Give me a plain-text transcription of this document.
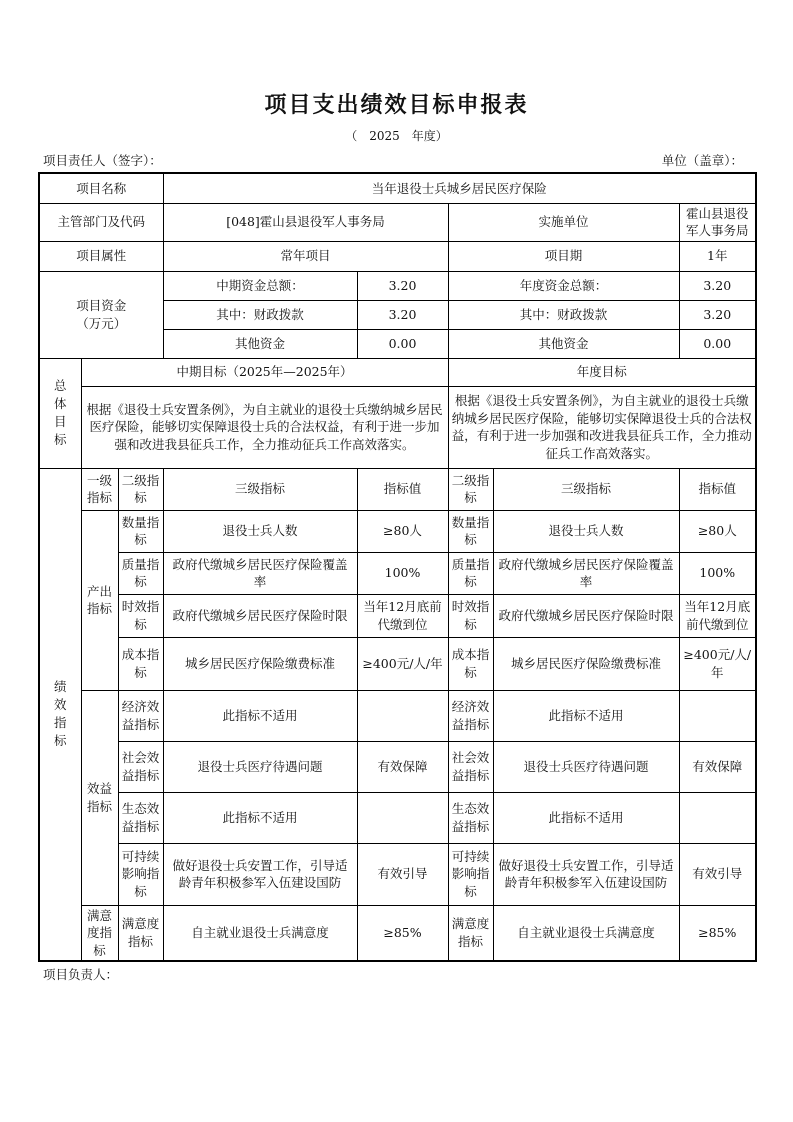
项目支出绩效目标申报表
（　2025　年度）
项目责任人（签字）：	单位（盖章）：
项目名称			当年退役士兵城乡居民医疗保险				
主管部门及代码			[048]霍山县退役军人事务局		实施单位		霍山县退役军人事务局
项目属性			常年项目		项目期		1年
项目资金
（万元）			中期资金总额：	3.20	年度资金总额：		3.20
			其中：财政拨款	3.20	其中：财政拨款		3.20
			其他资金	0.00	其他资金		0.00
总体目标	中期目标（2025年—2025年）				年度目标		
	根据《退役士兵安置条例》，为自主就业的退役士兵缴纳城乡居民医疗保险，能够切实保障退役士兵的合法权益，有利于进一步加强和改进我县征兵工作，全力推动征兵工作高效落实。				根据《退役士兵安置条例》，为自主就业的退役士兵缴纳城乡居民医疗保险，能够切实保障退役士兵的合法权益，有利于进一步加强和改进我县征兵工作，全力推动征兵工作高效落实。		
绩效指标	一级指标	二级指标	三级指标	指标值	二级指标	三级指标	指标值
	产出指标	数量指标	退役士兵人数	≥80人	数量指标	退役士兵人数	≥80人
		质量指标	政府代缴城乡居民医疗保险覆盖率	100%	质量指标	政府代缴城乡居民医疗保险覆盖率	100%
		时效指标	政府代缴城乡居民医疗保险时限	当年12月底前代缴到位	时效指标	政府代缴城乡居民医疗保险时限	当年12月底前代缴到位
		成本指标	城乡居民医疗保险缴费标准	≥400元/人/年	成本指标	城乡居民医疗保险缴费标准	≥400元/人/年
	效益指标	经济效益指标	此指标不适用		经济效益指标	此指标不适用	
		社会效益指标	退役士兵医疗待遇问题	有效保障	社会效益指标	退役士兵医疗待遇问题	有效保障
		生态效益指标	此指标不适用		生态效益指标	此指标不适用	
		可持续影响指标	做好退役士兵安置工作，引导适龄青年积极参军入伍建设国防	有效引导	可持续影响指标	做好退役士兵安置工作，引导适龄青年积极参军入伍建设国防	有效引导
	满意度指标	满意度指标	自主就业退役士兵满意度	≥85%	满意度指标	自主就业退役士兵满意度	≥85%
项目负责人：
